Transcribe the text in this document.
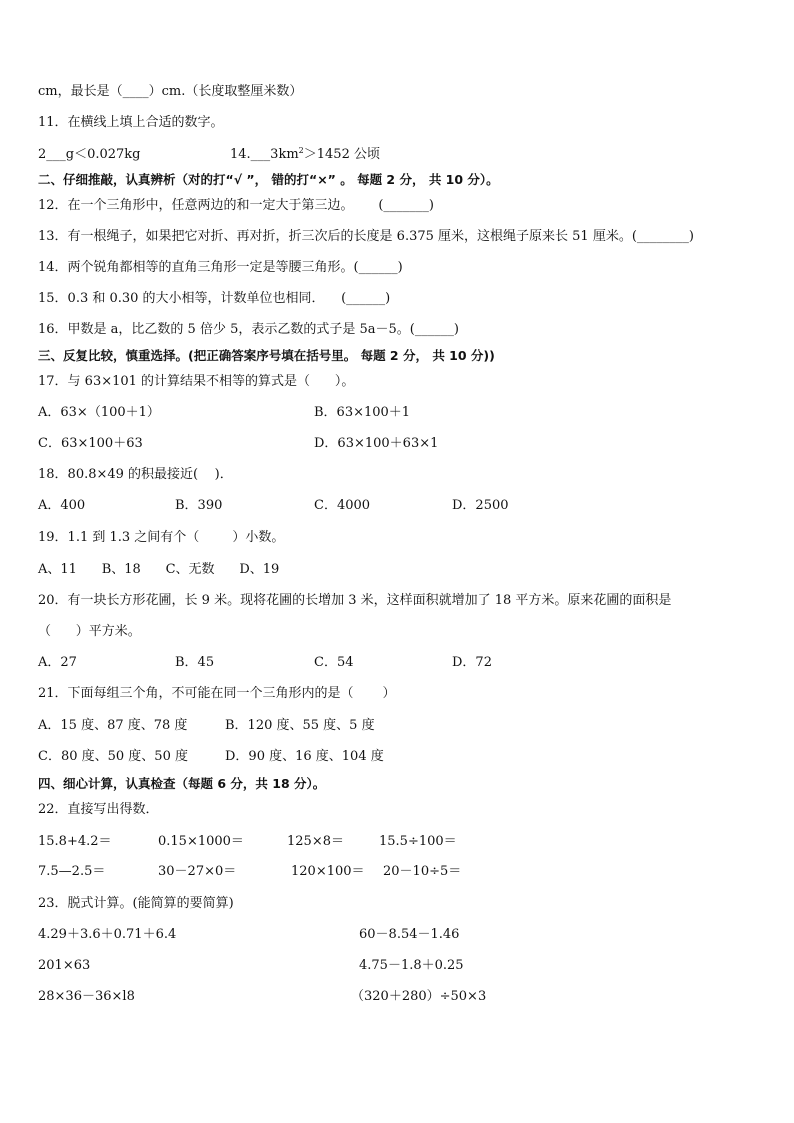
cm，最长是（____）cm.（长度取整厘米数）
11．在横线上填上合适的数字。
2___g＜0.027kg	$14.\_\_\_3km^2>1452$ 公顷
二、仔细推敲，认真辨析（对的打“√ ”， 错的打“×” 。 每题 2 分， 共 10 分）。
12．在一个三角形中，任意两边的和一定大于第三边。      (_______)
13．有一根绳子，如果把它对折、再对折，折三次后的长度是 6.375 厘米，这根绳子原来长 51 厘米。(________)
14．两个锐角都相等的直角三角形一定是等腰三角形。(______)
15．0.3 和 0.30 的大小相等，计数单位也相同．    (______)
16．甲数是 a，比乙数的 5 倍少 5，表示乙数的式子是 5a－5。(______)
三、反复比较，慎重选择。(把正确答案序号填在括号里。 每题 2 分， 共 10 分))
17．与 63×101 的计算结果不相等的算式是（      ）。
A．63×（100＋1）	B．63×100＋1
C．63×100＋63	D．63×100＋63×1
18．80.8×49 的积最接近(    )．
A．400	B．390	C．4000	D．2500
19．1.1 到 1.3 之间有个（        ）小数。
A、11      B、18      C、无数      D、19
20．有一块长方形花圃，长 9 米。现将花圃的长增加 3 米，这样面积就增加了 18 平方米。原来花圃的面积是
（      ）平方米。
A．27	B．45	C．54	D．72
21．下面每组三个角，不可能在同一个三角形内的是（       ）
A．15 度、87 度、78 度	B．120 度、55 度、5 度
C．80 度、50 度、50 度	D．90 度、16 度、104 度
四、细心计算，认真检查（每题 6 分，共 18 分）。
22．直接写出得数．
15.8+4.2＝	0.15×1000＝	125×8＝	15.5÷100＝
7.5—2.5＝	30－27×0＝	120×100＝ 20－10÷5＝
23．脱式计算。(能简算的要简算)
4.29＋3.6＋0.71＋6.4	60－8.54－1.46
201×63	4.75－1.8＋0.25
28×36－36×l8	（320＋280）÷50×3
